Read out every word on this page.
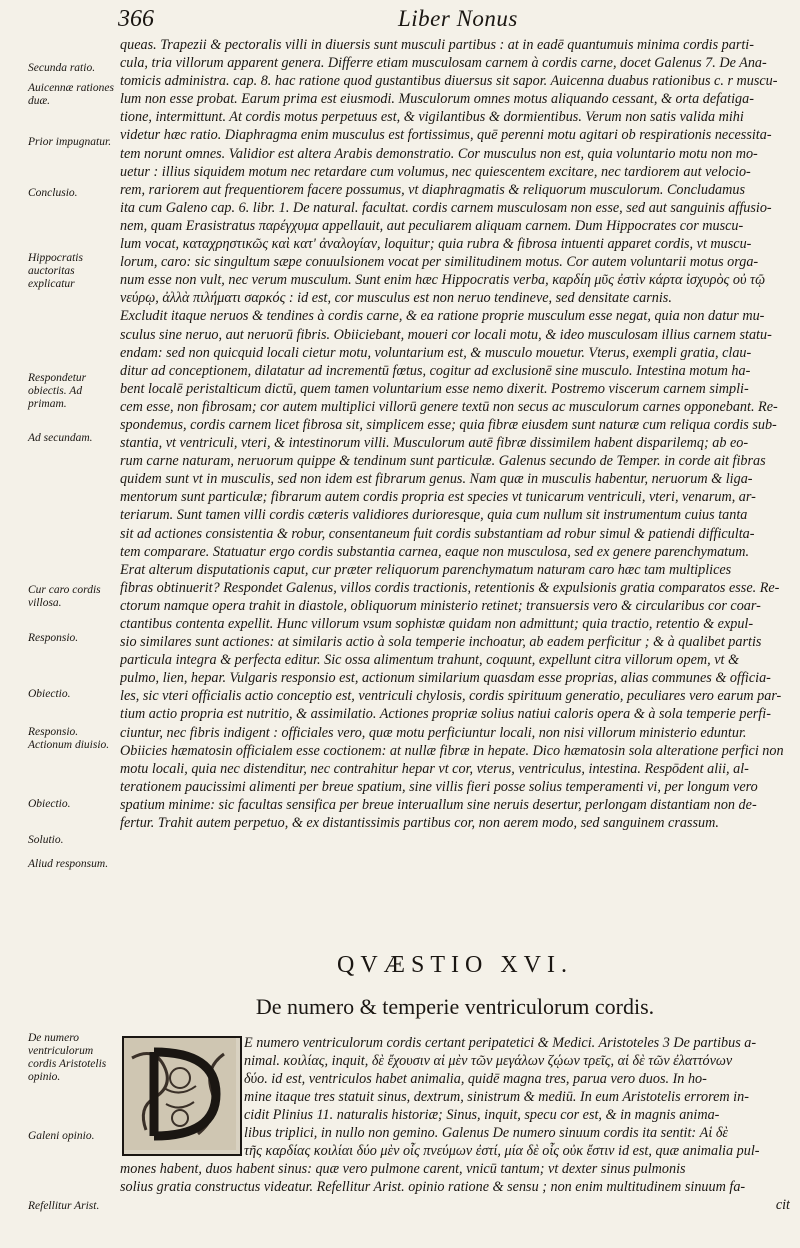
366	Liber Nonus
Secunda ratio.
Auicennæ rationes duæ.
Prior impugnatur.
Conclusio.
Hippocratis auctoritas explicatur
Respondetur obiectis. Ad primam.
Ad secundam.
Cur caro cordis villosa.
Responsio.
Obiectio.
Responsio. Actionum diuisio.
Obiectio.
Solutio.
Aliud responsum.
De numero ventriculorum cordis Aristotelis opinio.
Galeni opinio.
Refellitur Arist.
queas. Trapezii & pectoralis villi in diuersis sunt musculi partibus : at in eadē quantumuis minima cordis parti-
cula, tria villorum apparent genera. Differre etiam musculosam carnem à cordis carne, docet Galenus 7. De Ana-
tomicis administra. cap. 8. hac ratione quod gustantibus diuersus sit sapor. Auicenna duabus rationibus c. r muscu-
lum non esse probat. Earum prima est eiusmodi. Musculorum omnes motus aliquando cessant, & orta defatiga-
tione, intermittunt. At cordis motus perpetuus est, & vigilantibus & dormientibus. Verum non satis valida mihi
videtur hæc ratio. Diaphragma enim musculus est fortissimus, quē perenni motu agitari ob respirationis necessita-
tem norunt omnes. Validior est altera Arabis demonstratio. Cor musculus non est, quia voluntario motu non mo-
uetur : illius siquidem motum nec retardare cum volumus, nec quiescentem excitare, nec tardiorem aut velocio-
rem, rariorem aut frequentiorem facere possumus, vt diaphragmatis & reliquorum musculorum. Concludamus
ita cum Galeno cap. 6. libr. 1. De natural. facultat. cordis carnem musculosam non esse, sed aut sanguinis affusio-
nem, quam Erasistratus παρέγχυμα appellauit, aut peculiarem aliquam carnem. Dum Hippocrates cor muscu-
lum vocat, καταχρηστικῶς καὶ κατ' ἀναλογίαν, loquitur; quia rubra & fibrosa intuenti apparet cordis, vt muscu-
lorum, caro: sic singultum sæpe conuulsionem vocat per similitudinem motus. Cor autem voluntarii motus orga-
num esse non vult, nec verum musculum. Sunt enim hæc Hippocratis verba, καρδίη μῦς ἐστὶν κάρτα ἰσχυρὸς οὐ τῷ
νεύρῳ, ἀλλὰ πιλήματι σαρκός : id est, cor musculus est non neruo tendineve, sed densitate carnis.
Excludit itaque neruos & tendines à cordis carne, & ea ratione proprie musculum esse negat, quia non datur mu-
sculus sine neruo, aut neruorū fibris. Obiiciebant, moueri cor locali motu, & ideo musculosam illius carnem statu-
endam: sed non quicquid locali cietur motu, voluntarium est, & musculo mouetur. Vterus, exempli gratia, clau-
ditur ad conceptionem, dilatatur ad incrementū fœtus, cogitur ad exclusionē sine musculo. Intestina motum ha-
bent localē peristalticum dictū, quem tamen voluntarium esse nemo dixerit. Postremo viscerum carnem simpli-
cem esse, non fibrosam; cor autem multiplici villorū genere textū non secus ac musculorum carnes opponebant. Re-
spondemus, cordis carnem licet fibrosa sit, simplicem esse; quia fibræ eiusdem sunt naturæ cum reliqua cordis sub-
stantia, vt ventriculi, vteri, & intestinorum villi. Musculorum autē fibræ dissimilem habent disparilemq; ab eo-
rum carne naturam, neruorum quippe & tendinum sunt particulæ. Galenus secundo de Temper. in corde ait fibras
quidem sunt vt in musculis, sed non idem est fibrarum genus. Nam quæ in musculis habentur, neruorum & liga-
mentorum sunt particulæ; fibrarum autem cordis propria est species vt tunicarum ventriculi, vteri, venarum, ar-
teriarum. Sunt tamen villi cordis cæteris validiores durioresque, quia cum nullum sit instrumentum cuius tanta
sit ad actiones consistentia & robur, consentaneum fuit cordis substantiam ad robur simul & patiendi difficulta-
tem comparare. Statuatur ergo cordis substantia carnea, eaque non musculosa, sed ex genere parenchymatum.
Erat alterum disputationis caput, cur præter reliquorum parenchymatum naturam caro hæc tam multiplices
fibras obtinuerit? Respondet Galenus, villos cordis tractionis, retentionis & expulsionis gratia comparatos esse. Re-
ctorum namque opera trahit in diastole, obliquorum ministerio retinet; transuersis vero & circularibus cor coar-
ctantibus contenta expellit. Hunc villorum vsum sophistæ quidam non admittunt; quia tractio, retentio & expul-
sio similares sunt actiones: at similaris actio à sola temperie inchoatur, ab eadem perficitur ; & à qualibet partis
particula integra & perfecta editur. Sic ossa alimentum trahunt, coquunt, expellunt citra villorum opem, vt &
pulmo, lien, hepar. Vulgaris responsio est, actionum similarium quasdam esse proprias, alias communes & officia-
les, sic vteri officialis actio conceptio est, ventriculi chylosis, cordis spirituum generatio, peculiares vero earum par-
tium actio propria est nutritio, & assimilatio. Actiones propriæ solius natiui caloris opera & à sola temperie perfi-
ciuntur, nec fibris indigent : officiales vero, quæ motu perficiuntur locali, non nisi villorum ministerio eduntur.
Obiicies hæmatosin officialem esse coctionem: at nullæ fibræ in hepate. Dico hæmatosin sola alteratione perfici non
motu locali, quia nec distenditur, nec contrahitur hepar vt cor, vterus, ventriculus, intestina. Respōdent alii, al-
terationem paucissimi alimenti per breue spatium, sine villis fieri posse solius temperamenti vi, per longum vero
spatium minime: sic facultas sensifica per breue interuallum sine neruis desertur, perlongam distantiam non de-
fertur. Trahit autem perpetuo, & ex distantissimis partibus cor, non aerem modo, sed sanguinem crassum.
QVÆSTIO XVI.
De numero & temperie ventriculorum cordis.
E numero ventriculorum cordis certant peripatetici & Medici. Aristoteles 3 De partibus a-
nimal. κοιλίας, inquit, δὲ ἔχουσιν αἱ μὲν τῶν μεγάλων ζῴων τρεῖς, αἱ δὲ τῶν ἐλαττόνων
δύο. id est, ventriculos habet animalia, quidē magna tres, parua vero duos. In ho-
mine itaque tres statuit sinus, dextrum, sinistrum & mediū. In eum Aristotelis errorem in-
cidit Plinius 11. naturalis historiæ; Sinus, inquit, specu cor est, & in magnis anima-
libus triplici, in nullo non gemino. Galenus De numero sinuum cordis ita sentit: Αἱ δὲ
τῆς καρδίας κοιλίαι δύο μὲν οἷς πνεύμων ἐστί, μία δὲ οἷς οὐκ ἔστιν id est, quæ animalia pul-
mones habent, duos habent sinus: quæ vero pulmone carent, vnicū tantum; vt dexter sinus pulmonis
solius gratia constructus videatur. Refellitur Arist. opinio ratione & sensu ; non enim multitudinem sinuum fa-
cit
